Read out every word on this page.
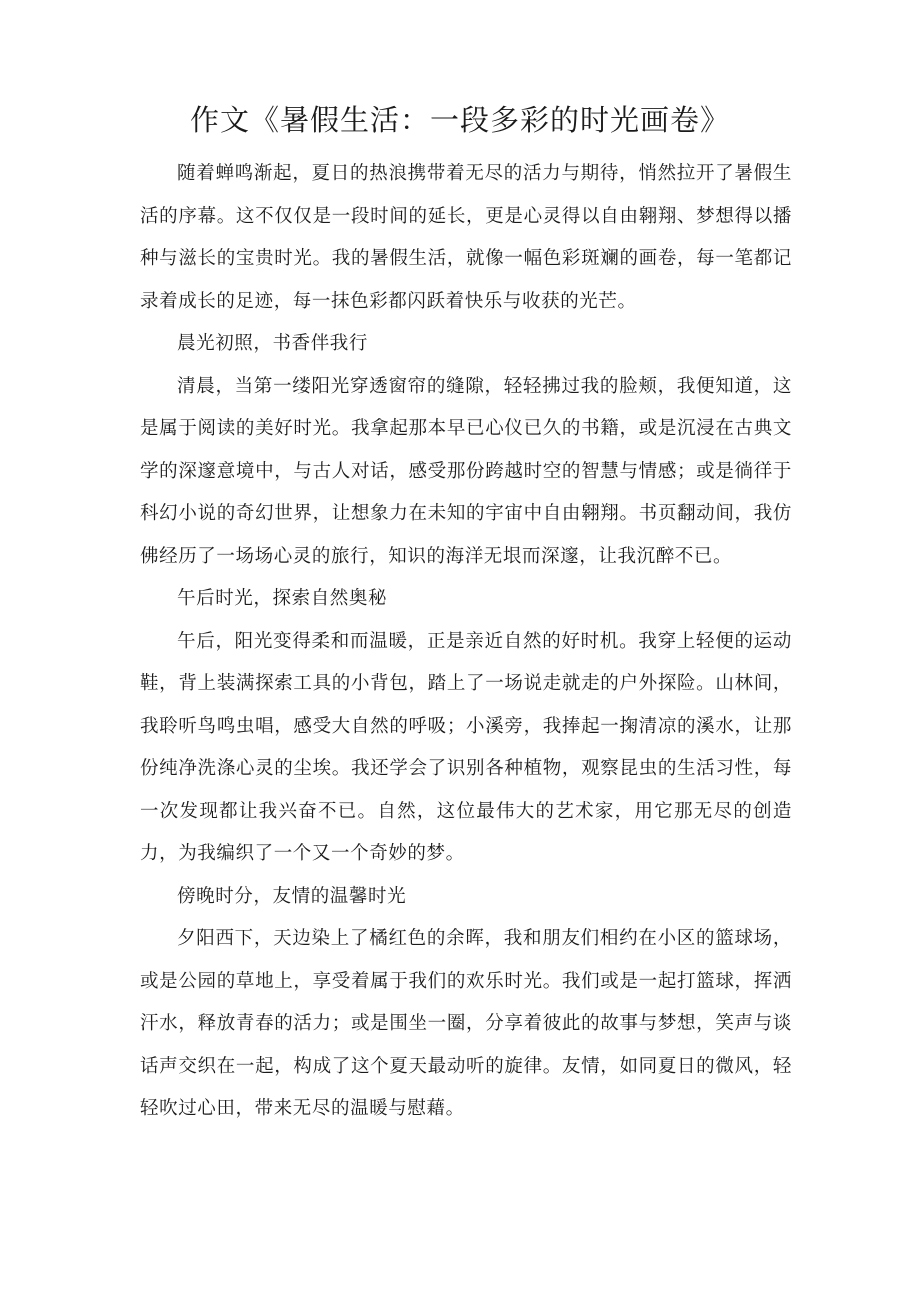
作文《暑假生活：一段多彩的时光画卷》

随着蝉鸣渐起，夏日的热浪携带着无尽的活力与期待，悄然拉开了暑假生活的序幕。这不仅仅是一段时间的延长，更是心灵得以自由翱翔、梦想得以播种与滋长的宝贵时光。我的暑假生活，就像一幅色彩斑斓的画卷，每一笔都记录着成长的足迹，每一抹色彩都闪跃着快乐与收获的光芒。

晨光初照，书香伴我行

清晨，当第一缕阳光穿透窗帘的缝隙，轻轻拂过我的脸颊，我便知道，这是属于阅读的美好时光。我拿起那本早已心仪已久的书籍，或是沉浸在古典文学的深邃意境中，与古人对话，感受那份跨越时空的智慧与情感；或是徜徉于科幻小说的奇幻世界，让想象力在未知的宇宙中自由翱翔。书页翻动间，我仿佛经历了一场场心灵的旅行，知识的海洋无垠而深邃，让我沉醉不已。

午后时光，探索自然奥秘

午后，阳光变得柔和而温暖，正是亲近自然的好时机。我穿上轻便的运动鞋，背上装满探索工具的小背包，踏上了一场说走就走的户外探险。山林间，我聆听鸟鸣虫唱，感受大自然的呼吸；小溪旁，我捧起一掬清凉的溪水，让那份纯净洗涤心灵的尘埃。我还学会了识别各种植物，观察昆虫的生活习性，每一次发现都让我兴奋不已。自然，这位最伟大的艺术家，用它那无尽的创造力，为我编织了一个又一个奇妙的梦。

傍晚时分，友情的温馨时光

夕阳西下，天边染上了橘红色的余晖，我和朋友们相约在小区的篮球场，或是公园的草地上，享受着属于我们的欢乐时光。我们或是一起打篮球，挥洒汗水，释放青春的活力；或是围坐一圈，分享着彼此的故事与梦想，笑声与谈话声交织在一起，构成了这个夏天最动听的旋律。友情，如同夏日的微风，轻轻吹过心田，带来无尽的温暖与慰藉。
